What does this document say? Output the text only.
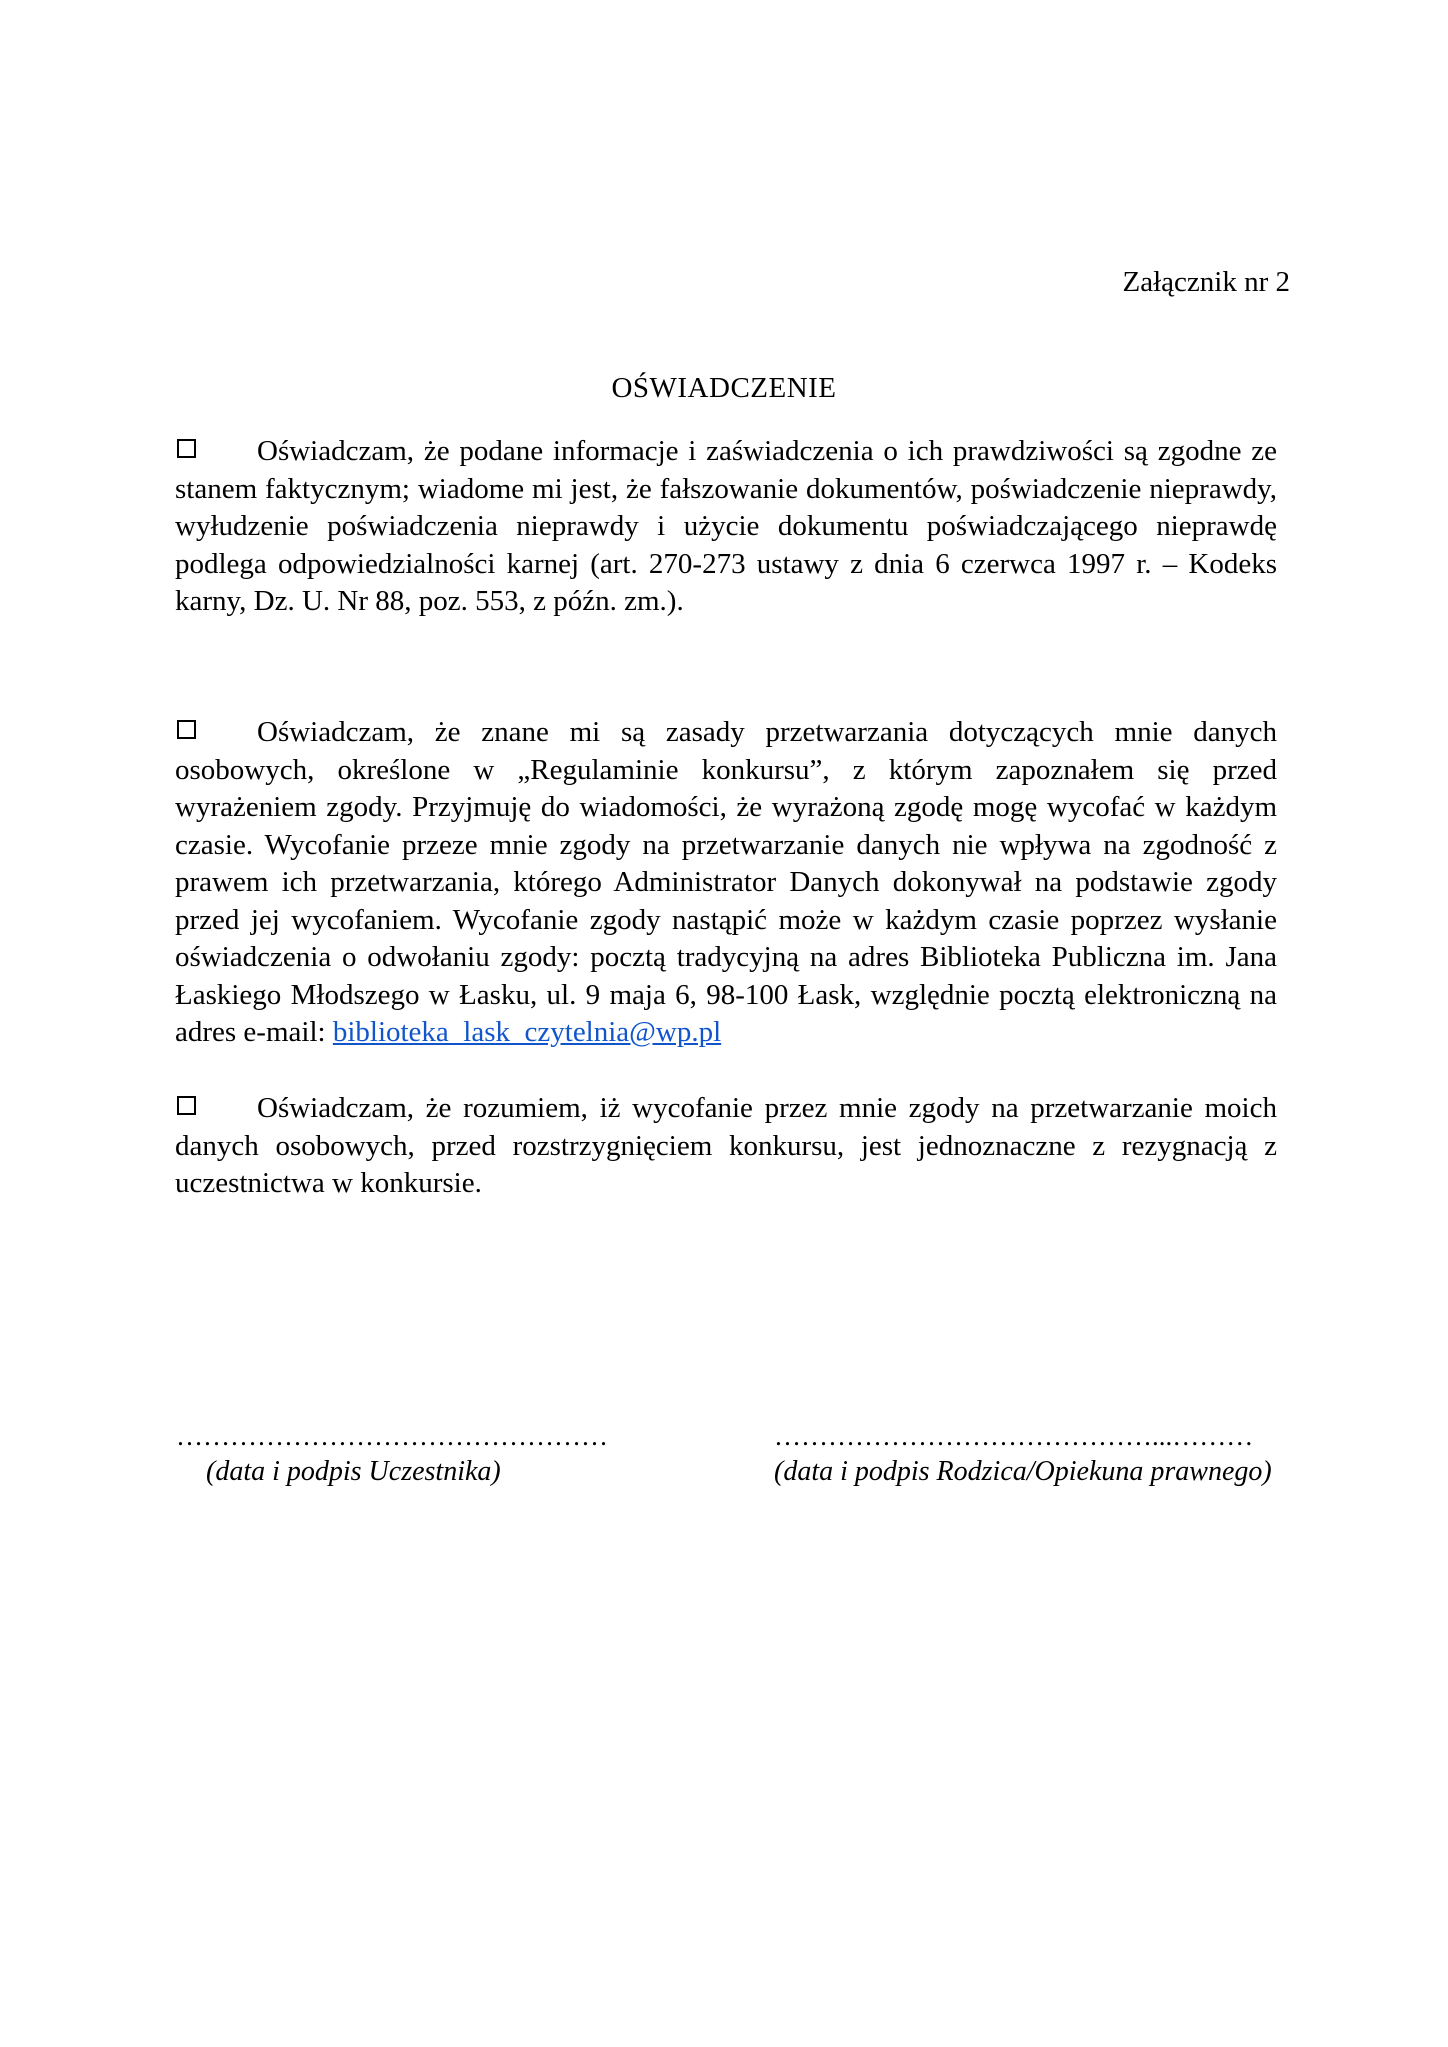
Załącznik nr 2
OŚWIADCZENIE
Oświadczam, że podane informacje i zaświadczenia o ich prawdziwości są zgodne ze stanem faktycznym; wiadome mi jest, że fałszowanie dokumentów, poświadczenie nieprawdy, wyłudzenie poświadczenia nieprawdy i użycie dokumentu poświadczającego nieprawdę podlega odpowiedzialności karnej (art. 270-273 ustawy z dnia 6 czerwca 1997 r. – Kodeks karny, Dz. U. Nr 88, poz. 553, z późn. zm.).
Oświadczam, że znane mi są zasady przetwarzania dotyczących mnie danych osobowych, określone w „Regulaminie konkursu”, z którym zapoznałem się przed wyrażeniem zgody. Przyjmuję do wiadomości, że wyrażoną zgodę mogę wycofać w każdym czasie. Wycofanie przeze mnie zgody na przetwarzanie danych nie wpływa na zgodność z prawem ich przetwarzania, którego Administrator Danych dokonywał na podstawie zgody przed jej wycofaniem. Wycofanie zgody nastąpić może w każdym czasie poprzez wysłanie oświadczenia o odwołaniu zgody: pocztą tradycyjną na adres Biblioteka Publiczna im. Jana Łaskiego Młodszego w Łasku, ul. 9 maja 6, 98-100 Łask, względnie pocztą elektroniczną na adres e-mail: biblioteka_lask_czytelnia@wp.pl
Oświadczam, że rozumiem, iż wycofanie przez mnie zgody na przetwarzanie moich danych osobowych, przed rozstrzygnięciem konkursu, jest jednoznaczne z rezygnacją z uczestnictwa w konkursie.
…………………………………………
(data i podpis Uczestnika)
……………………………………...………
(data i podpis Rodzica/Opiekuna prawnego)
